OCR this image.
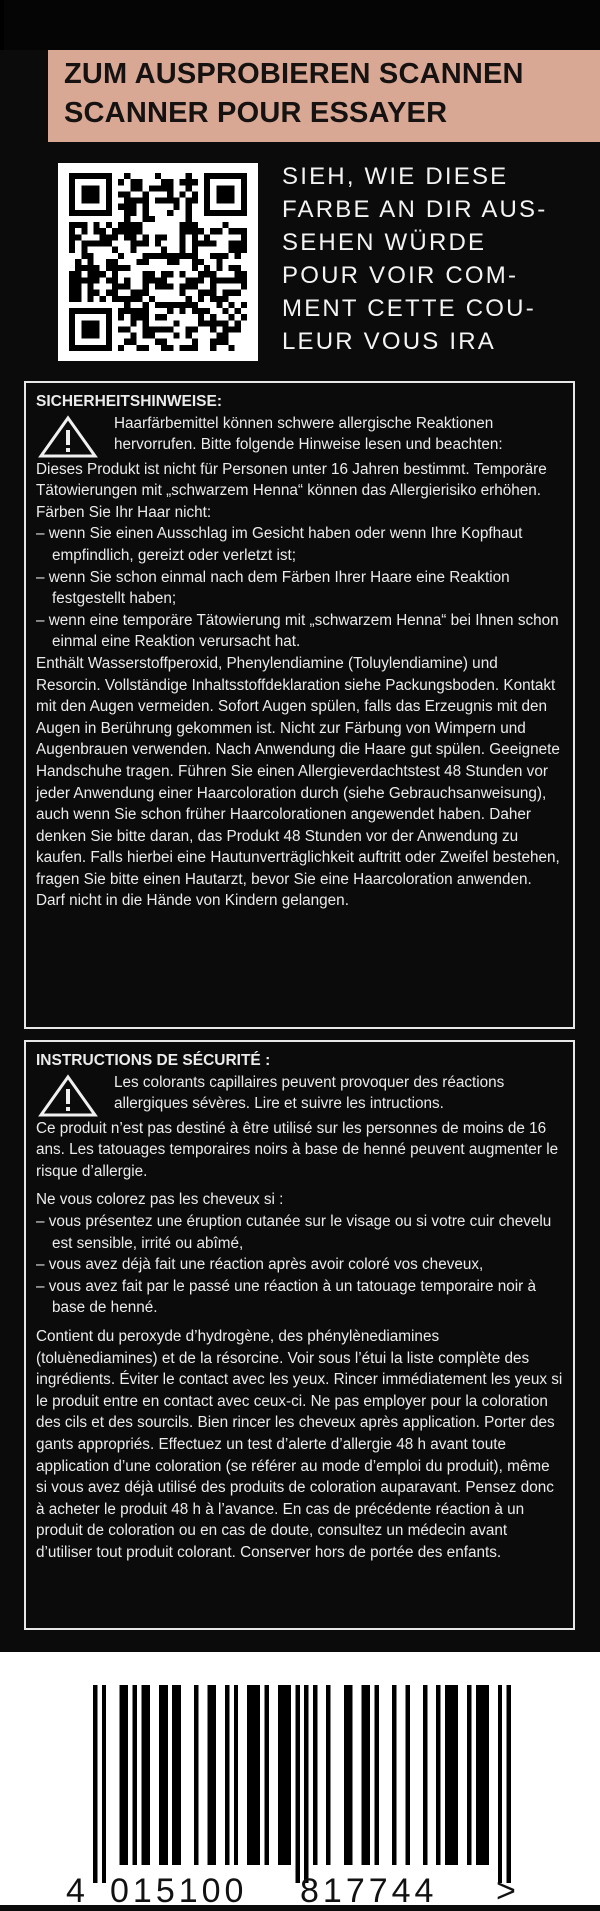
ZUM AUSPROBIEREN SCANNEN
SCANNER POUR ESSAYER
SIEH, WIE DIESE
FARBE AN DIR AUS-
SEHEN WÜRDE
POUR VOIR COM-
MENT CETTE COU-
LEUR VOUS IRA
SICHERHEITSHINWEISE:

Haarfärbemittel können schwere allergische Reaktionen hervorrufen. Bitte folgende Hinweise lesen und beachten:

Dieses Produkt ist nicht für Personen unter 16 Jahren bestimmt. Temporäre Tätowierungen mit „schwarzem Henna“ können das Allergierisiko erhöhen.

Färben Sie Ihr Haar nicht:

– wenn Sie einen Ausschlag im Gesicht haben oder wenn Ihre Kopfhaut empfindlich, gereizt oder verletzt ist;

– wenn Sie schon einmal nach dem Färben Ihrer Haare eine Reaktion festgestellt haben;

– wenn eine temporäre Tätowierung mit „schwarzem Henna“ bei Ihnen schon einmal eine Reaktion verursacht hat.

Enthält Wasserstoffperoxid, Phenylendiamine (Toluylendiamine) und Resorcin. Vollständige Inhaltsstoffdeklaration siehe Packungsboden. Kontakt mit den Augen vermeiden. Sofort Augen spülen, falls das Erzeugnis mit den Augen in Berührung gekommen ist. Nicht zur Färbung von Wimpern und Augenbrauen verwenden. Nach Anwendung die Haare gut spülen. Geeignete Handschuhe tragen. Führen Sie einen Allergieverdachtstest 48 Stunden vor jeder Anwendung einer Haarcoloration durch (siehe Gebrauchsanweisung), auch wenn Sie schon früher Haarcolorationen angewendet haben. Daher denken Sie bitte daran, das Produkt 48 Stunden vor der Anwendung zu kaufen. Falls hierbei eine Hautunverträglichkeit auftritt oder Zweifel bestehen, fragen Sie bitte einen Hautarzt, bevor Sie eine Haarcoloration anwenden.

Darf nicht in die Hände von Kindern gelangen.

INSTRUCTIONS DE SÉCURITÉ :

Les colorants capillaires peuvent provoquer des réactions allergiques sévères. Lire et suivre les intructions.

Ce produit n’est pas destiné à être utilisé sur les personnes de moins de 16 ans. Les tatouages temporaires noirs à base de henné peuvent augmenter le risque d’allergie.

Ne vous colorez pas les cheveux si :

– vous présentez une éruption cutanée sur le visage ou si votre cuir chevelu est sensible, irrité ou abîmé,

– vous avez déjà fait une réaction après avoir coloré vos cheveux,

– vous avez fait par le passé une réaction à un tatouage temporaire noir à base de henné.

Contient du peroxyde d’hydrogène, des phénylènediamines (toluènediamines) et de la résorcine. Voir sous l’étui la liste complète des ingrédients. Éviter le contact avec les yeux. Rincer immédiatement les yeux si le produit entre en contact avec ceux-ci. Ne pas employer pour la coloration des cils et des sourcils. Bien rincer les cheveux après application. Porter des gants appropriés. Effectuez un test d’alerte d’allergie 48 h avant toute application d’une coloration (se référer au mode d’emploi du produit), même si vous avez déjà utilisé des produits de coloration auparavant. Pensez donc à acheter le produit 48 h à l’avance. En cas de précédente réaction à un produit de coloration ou en cas de doute, consultez un médecin avant d’utiliser tout produit colorant. Conserver hors de portée des enfants.

4 015100 817744 >
